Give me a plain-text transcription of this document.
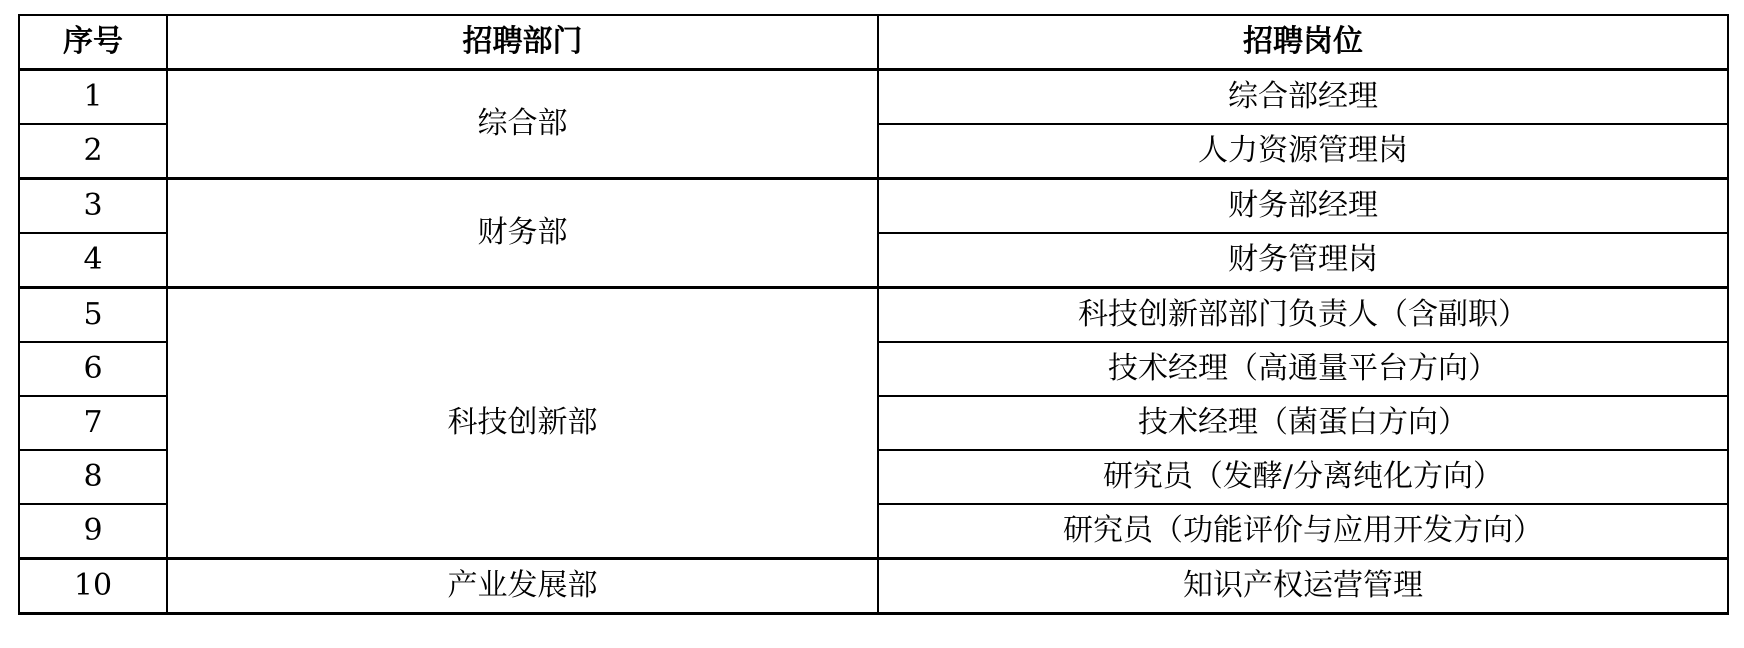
序号	招聘部门	招聘岗位
1	综合部	综合部经理
2		人力资源管理岗
3	财务部	财务部经理
4		财务管理岗
5	科技创新部	科技创新部部门负责人（含副职）
6		技术经理（高通量平台方向）
7		技术经理（菌蛋白方向）
8		研究员（发酵/分离纯化方向）
9		研究员（功能评价与应用开发方向）
10	产业发展部	知识产权运营管理
